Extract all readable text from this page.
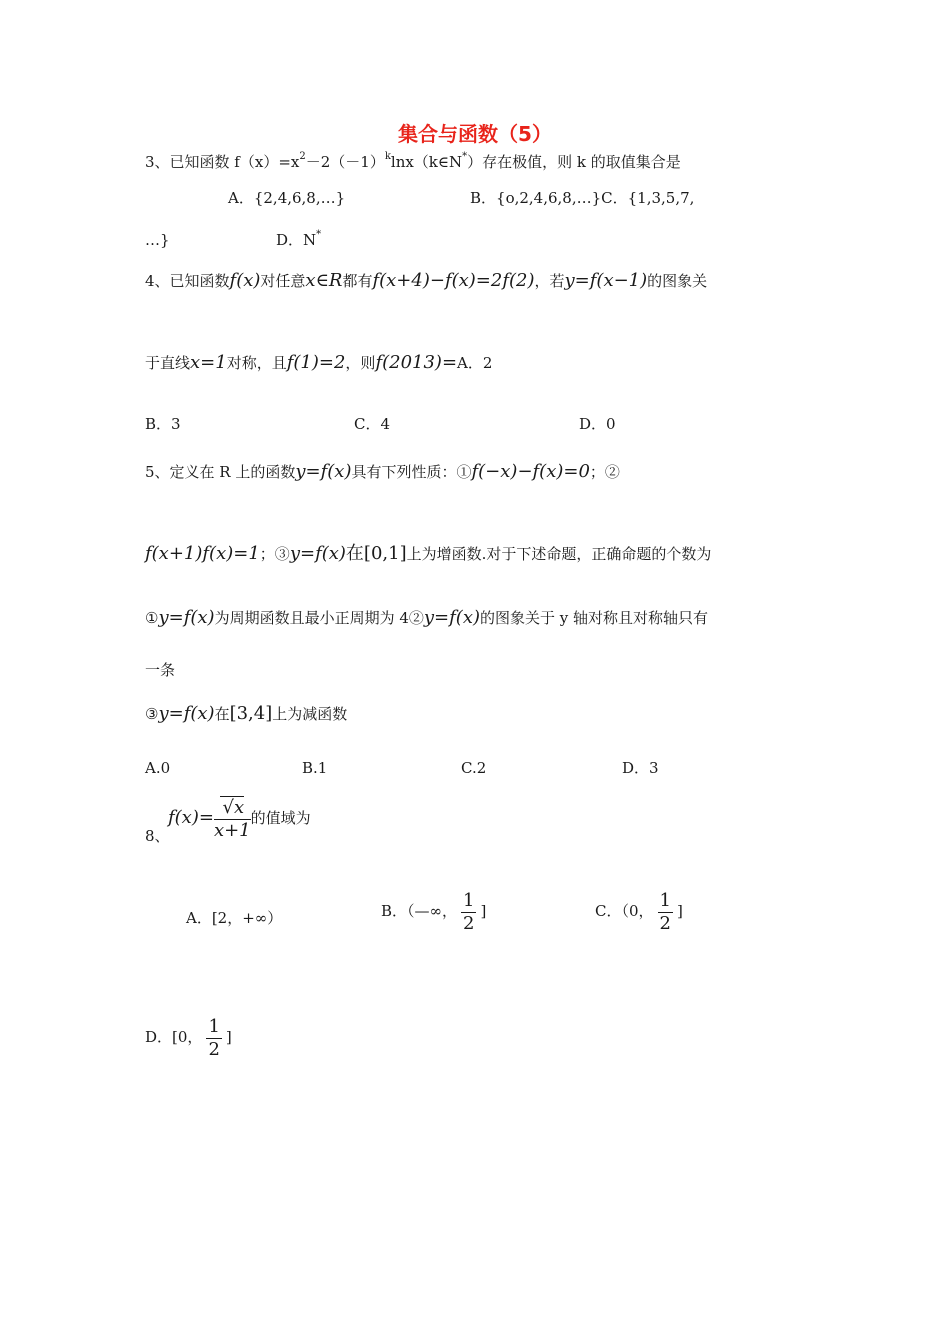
集合与函数（5）
3、已知函数 $f(x)=x^2-2(-1)^k\ln x(k\in N^*)$存在极值，则 k 的取值集合是
A．{2,4,6,8,…}	B．{o,2,4,6,8,…}C．{1,3,5,7,
…}	D．N*
4、已知函数f(x)对任意x∈R都有f(x+4)−f(x)=2f(2)，若y=f(x−1)的图象关
于直线x=1对称，且f(1)=2，则f(2013)=A．2
B．3	C．4	D．0
5、定义在 R 上的函数y=f(x)具有下列性质：①f(−x)−f(x)=0；②
f(x+1)f(x)=1；③y=f(x)在[0,1]上为增函数.对于下述命题，正确命题的个数为
①y=f(x)为周期函数且最小正周期为 4②y=f(x)的图象关于 y 轴对称且对称轴只有
一条
③y=f(x)在[3,4]上为减函数
A.0	B.1	C.2	D．3
8、
$f(x)= \frac{√x}{x+1}$ 的值域为
A．[2，+∞）	B．（—∞， $\frac{1}{2}$ ]	C．（0， $\frac{1}{2}$ ]
D．[0， $\frac{1}{2}$ ]
